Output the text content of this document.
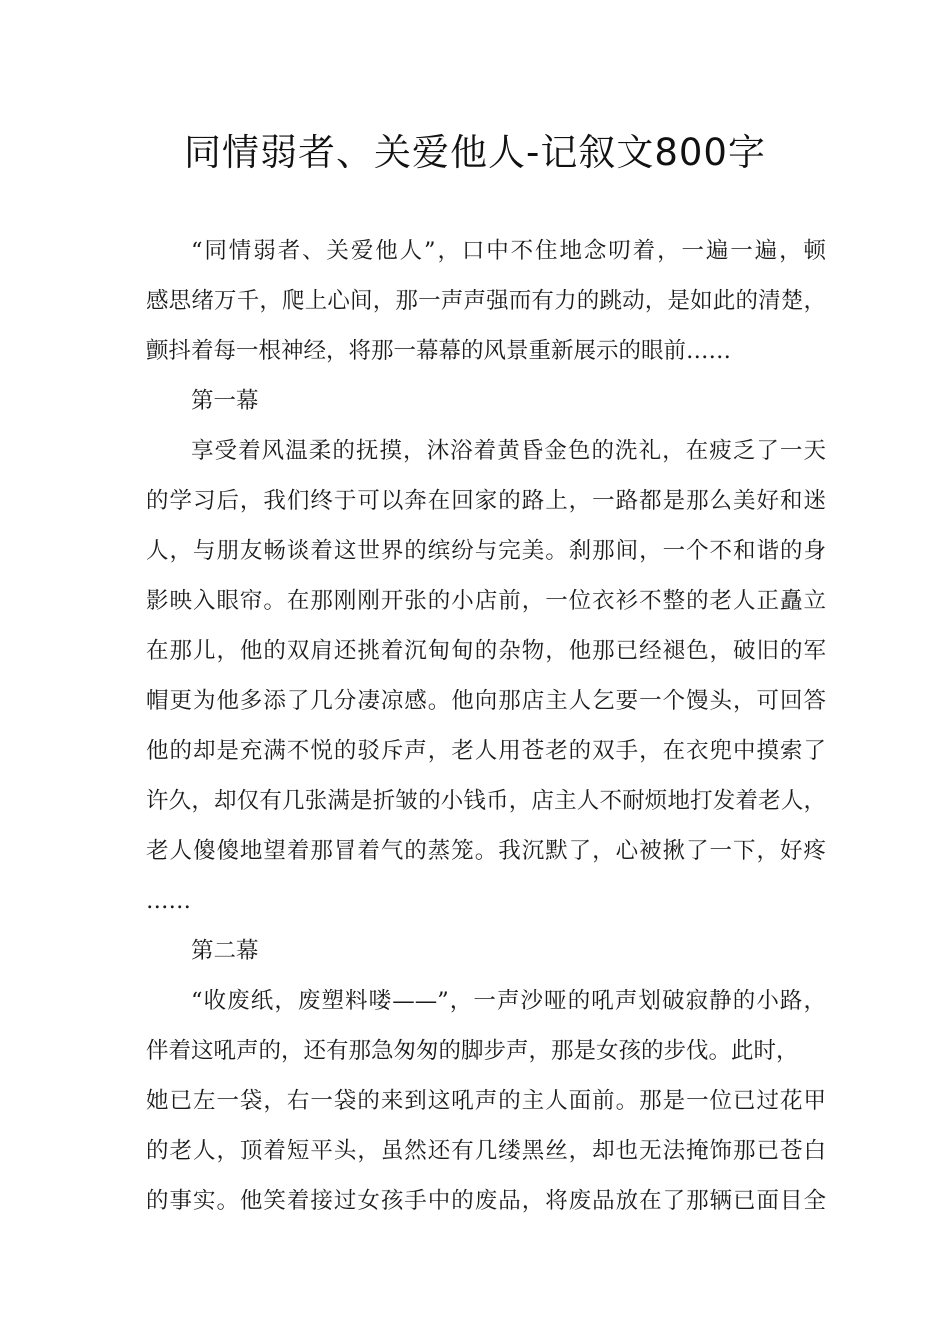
同情弱者、关爱他人-记叙文800字
“同情弱者、关爱他人”，口中不住地念叨着，一遍一遍，顿
感思绪万千，爬上心间，那一声声强而有力的跳动，是如此的清楚，
颤抖着每一根神经，将那一幕幕的风景重新展示的眼前……
第一幕
享受着风温柔的抚摸，沐浴着黄昏金色的洗礼，在疲乏了一天
的学习后，我们终于可以奔在回家的路上，一路都是那么美好和迷
人，与朋友畅谈着这世界的缤纷与完美。刹那间，一个不和谐的身
影映入眼帘。在那刚刚开张的小店前，一位衣衫不整的老人正矗立
在那儿，他的双肩还挑着沉甸甸的杂物，他那已经褪色，破旧的军
帽更为他多添了几分凄凉感。他向那店主人乞要一个馒头，可回答
他的却是充满不悦的驳斥声，老人用苍老的双手，在衣兜中摸索了
许久，却仅有几张满是折皱的小钱币，店主人不耐烦地打发着老人，
老人傻傻地望着那冒着气的蒸笼。我沉默了，心被揪了一下，好疼
……
第二幕
“收废纸，废塑料喽——”，一声沙哑的吼声划破寂静的小路，
伴着这吼声的，还有那急匆匆的脚步声，那是女孩的步伐。此时，
她已左一袋，右一袋的来到这吼声的主人面前。那是一位已过花甲
的老人，顶着短平头，虽然还有几缕黑丝，却也无法掩饰那已苍白
的事实。他笑着接过女孩手中的废品，将废品放在了那辆已面目全
